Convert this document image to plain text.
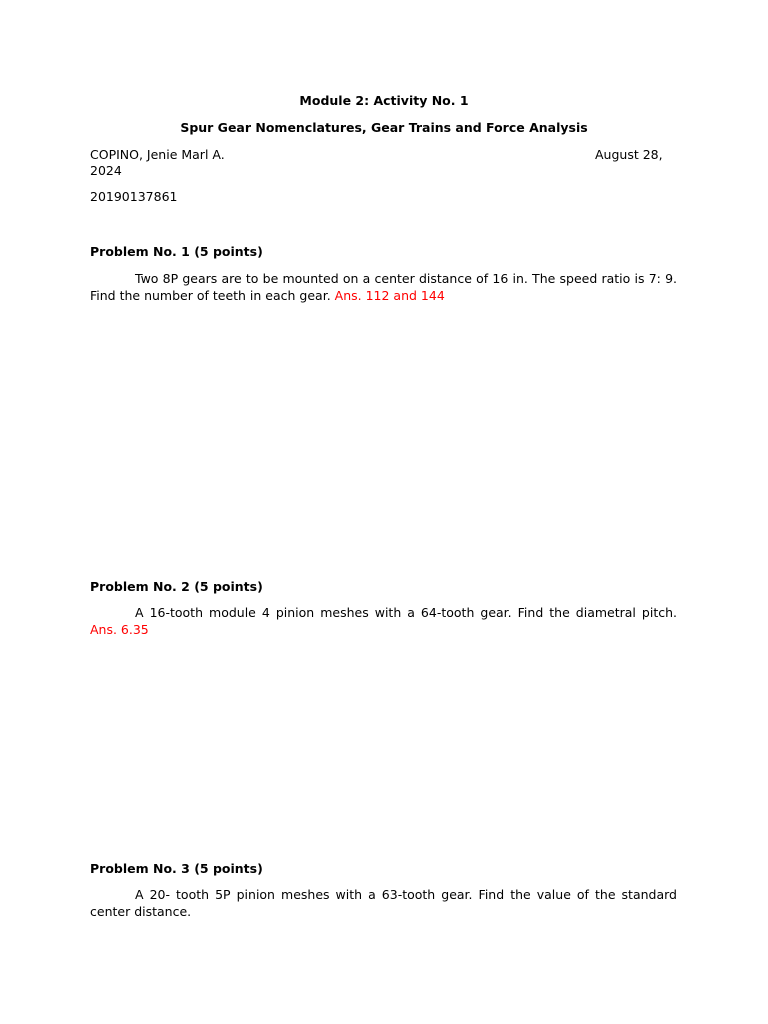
Module 2: Activity No. 1

Spur Gear Nomenclatures, Gear Trains and Force Analysis

COPINO, Jenie Marl A.	August 28,

2024

20190137861

Problem No. 1 (5 points)

Two 8P gears are to be mounted on a center distance of 16 in. The speed ratio is 7: 9. Find the number of teeth in each gear. Ans. 112 and 144

Problem No. 2 (5 points)

A 16-tooth module 4 pinion meshes with a 64-tooth gear. Find the diametral pitch. Ans. 6.35

Problem No. 3 (5 points)

A 20- tooth 5P pinion meshes with a 63-tooth gear. Find the value of the standard center distance.
